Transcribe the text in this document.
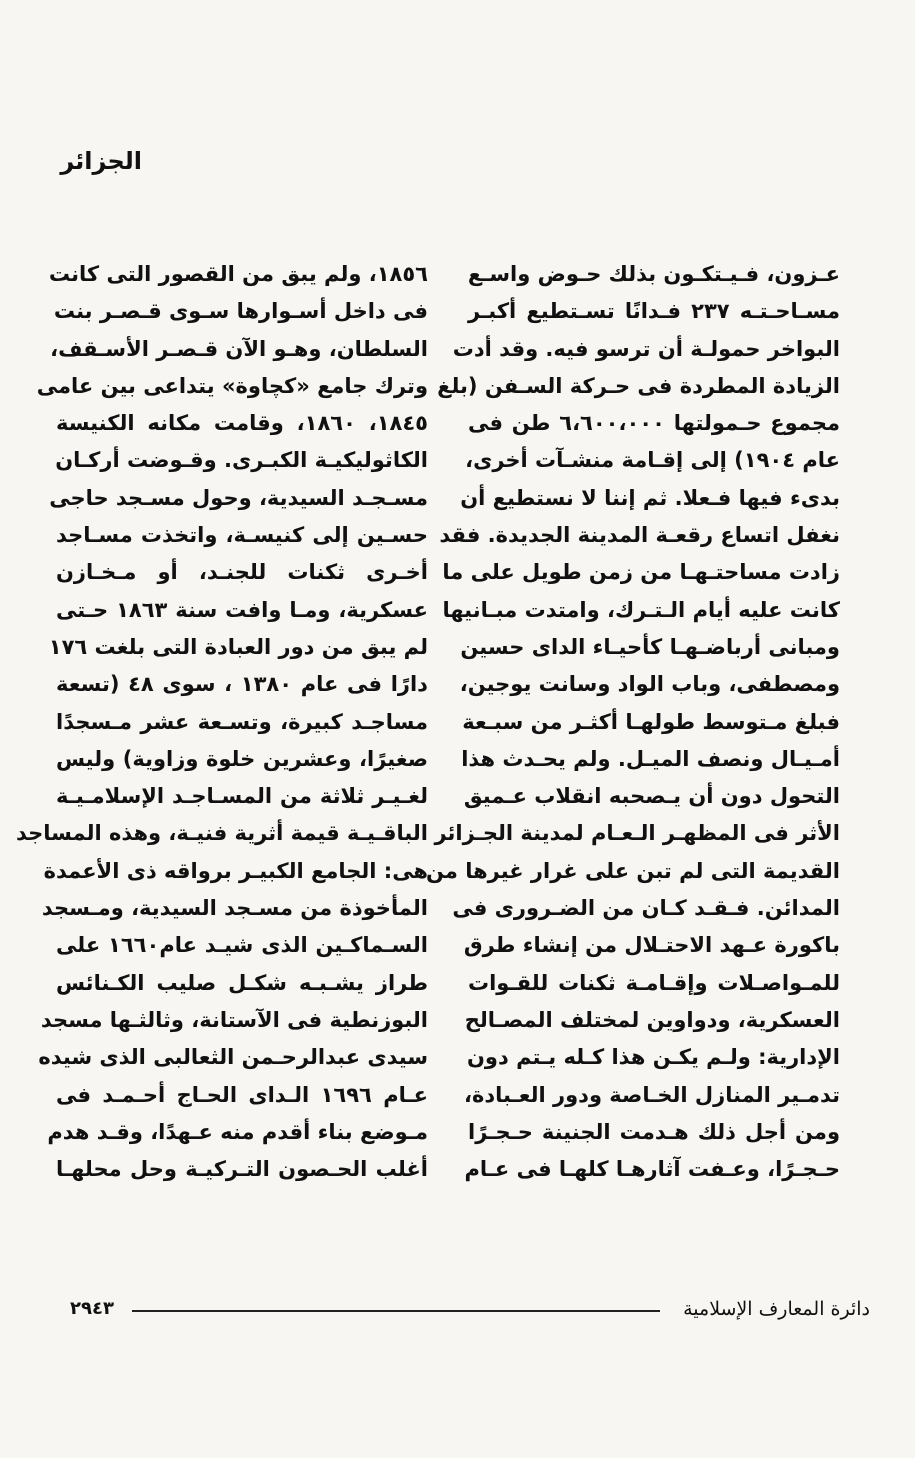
الجزائر
عـزون، فـيـتكـون بذلك حـوض واسـع
مسـاحـتـه ٢٣٧ فـدانًا تسـتطيع أكبـر
البواخر حمولـة أن ترسو فيه. وقد أدت
الزيادة المطردة فى حـركة السـفن (بلغ
مجموع حـمولتها ٦،٦٠٠،٠٠٠ طن فى
عام ١٩٠٤) إلى إقـامة منشـآت أخرى،
بدىء فيها فـعلا. ثم إننا لا نستطيع أن
نغفل اتساع رقعـة المدينة الجديدة. فقد
زادت مساحتـهـا من زمن طويل على ما
كانت عليه أيام الـتـرك، وامتدت مبـانيها
ومبانى أرباضـهـا كأحيـاء الداى حسين
ومصطفى، وباب الواد وسانت يوجين،
فبلغ مـتوسط طولهـا أكثـر من سبـعة
أمـيـال ونصف الميـل. ولم يحـدث هذا
التحول دون أن يـصحبه انقلاب عـميق
الأثر فى المظهـر الـعـام لمدينة الجـزائر
القديمة التى لم تبن على غرار غيرها من
المدائن. فـقـد كـان من الضـرورى فى
باكورة عـهد الاحتـلال من إنشاء طرق
للمـواصـلات وإقـامـة ثكنات للقـوات
العسكرية، ودواوين لمختلف المصـالح
الإدارية: ولـم يكـن هذا كـله يـتم دون
تدمـير المنازل الخـاصة ودور العـبادة،
ومن أجل ذلك هـدمت الجنينة حـجـرًا
حـجـرًا، وعـفت آثارهـا كلهـا فى عـام
١٨٥٦، ولم يبق من القصور التى كانت
فى داخل أسـوارها سـوى قـصـر بنت
السلطان، وهـو الآن قـصـر الأسـقف،
وترك جامع «كچاوة» يتداعى بين عامى
١٨٤٥، ١٨٦٠، وقامت مكانه الكنيسة
الكاثوليكيـة الكبـرى. وقـوضت أركـان
مسـجـد السيدية، وحول مسـجد حاجى
حسـين إلى كنيسـة، واتخذت مسـاجد
أخـرى ثكنات للجنـد، أو مـخـازن
عسكرية، ومـا وافت سنة ١٨٦٣ حـتى
لم يبق من دور العبادة التى بلغت ١٧٦
دارًا فى عام ١٣٨٠ ، سوى ٤٨ (تسعة
مساجـد كبيرة، وتسـعة عشر مـسجدًا
صغيرًا، وعشرين خلوة وزاوية) وليس
لغـيـر ثلاثة من المسـاجـد الإسلامـيـة
الباقـيـة قيمة أثرية فنيـة، وهذه المساجد
هى: الجامع الكبيـر برواقه ذى الأعمدة
المأخوذة من مسـجد السيدية، ومـسجد
السـماكـين الذى شيـد عام١٦٦٠ على
طراز يشـبـه شكـل صليب الكـنائس
البوزنطية فى الآستانة، وثالثـها مسجد
سيدى عبدالرحـمن الثعالبى الذى شيده
عـام ١٦٩٦ الـداى الحـاج أحـمـد فى
مـوضع بناء أقدم منه عـهدًا، وقـد هدم
أغلب الحـصون التـركيـة وحل محلهـا
دائرة المعارف الإسلامية
٢٩٤٣
